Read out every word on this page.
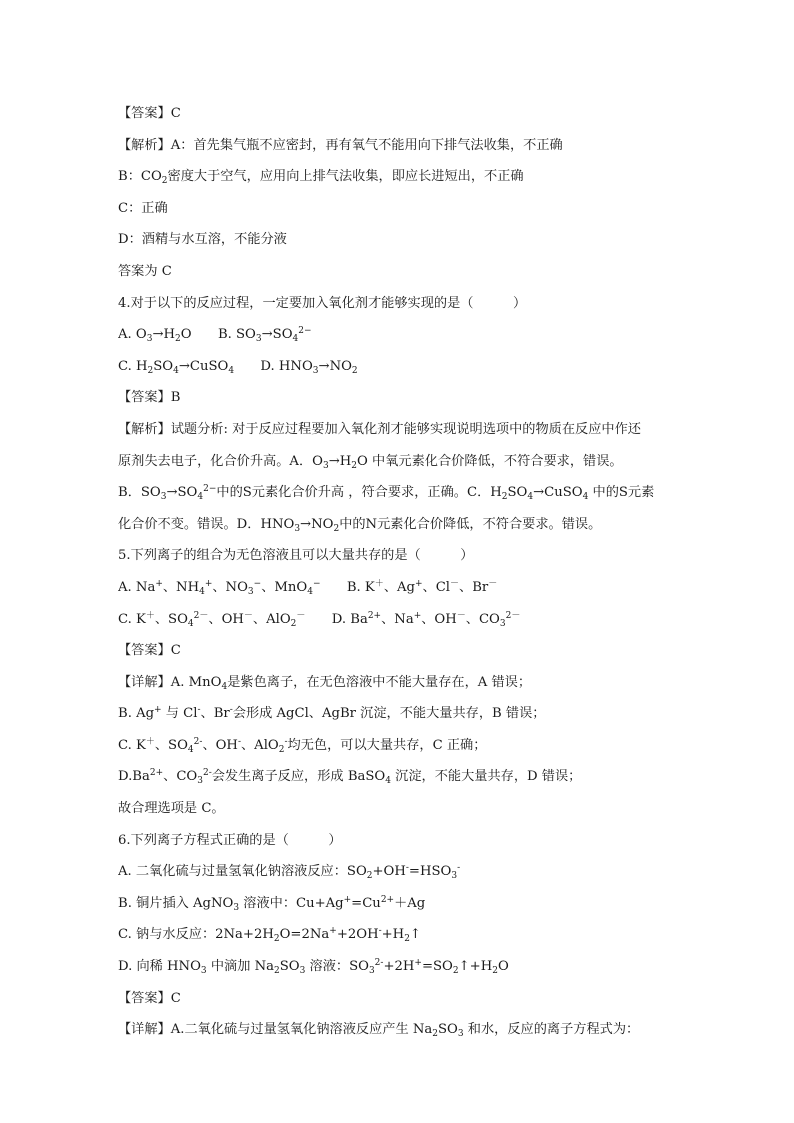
【答案】C
【解析】A：首先集气瓶不应密封，再有氧气不能用向下排气法收集，不正确
B：$CO_2$密度大于空气，应用向上排气法收集，即应长进短出，不正确
C：正确
D：酒精与水互溶，不能分液
答案为 C
4.对于以下的反应过程，一定要加入氧化剂才能够实现的是（　　　）
A. $O_3\to H_2O$　　B. $SO_3\to SO_4^{2-}$
C. $H_2SO_4\to CuSO_4$　　D. $HNO_3\to NO_2$
【答案】B
【解析】试题分析: 对于反应过程要加入氧化剂才能够实现说明选项中的物质在反应中作还
原剂失去电子，化合价升高。A．$O_3\to H_2O$ 中氧元素化合价降低，不符合要求，错误。
B．$SO_3\to SO_4^{2-}$中的S元素化合价升高 ，符合要求，正确。C．$H_2SO_4\to CuSO_4$ 中的S元素
化合价不变。错误。D．$HNO_3\to NO_2$中的N元素化合价降低，不符合要求。错误。
5.下列离子的组合为无色溶液且可以大量共存的是（　　　）
A. Na+、$NH_4^+$、$NO_3^-$、MnO$_4$−　　B. K＋、Ag+、Cl－、Br－
C. K＋、$SO_4^{2-}$、OH－、AlO$_2$－　　D. $Ba^{2+}$、Na+、OH－、$CO_3^{2-}$
【答案】C
【详解】A. MnO$_4$是紫色离子，在无色溶液中不能大量存在，A 错误；
B. Ag+ 与 Cl-、Br-会形成 AgCl、AgBr 沉淀，不能大量共存，B 错误；
C. K＋、$SO_4^{2-}$、OH-、AlO$_2$-均无色，可以大量共存，C 正确；
$D.Ba^{2+}$、$CO_3^{2-}$会发生离子反应，形成 BaSO$_4$ 沉淀，不能大量共存，D 错误；
故合理选项是 C。
6.下列离子方程式正确的是（　　　）
A. 二氧化硫与过量氢氧化钠溶液反应：$SO_2+OH^-=HSO_3^-$
B. 铜片插入 AgNO$_3$ 溶液中：$Cu+Ag^+=Cu^{2+}+Ag$
C. 钠与水反应：$2Na+2H_2O=2Na^++2OH^-+H_2↑$
D. 向稀 $HNO_3$ 中滴加 $Na_2SO_3$ 溶液：$SO_3^{2-}+2H^+=SO_2↑+H_2O$
【答案】C
【详解】A.二氧化硫与过量氢氧化钠溶液反应产生 $Na_2SO_3$ 和水，反应的离子方程式为：
